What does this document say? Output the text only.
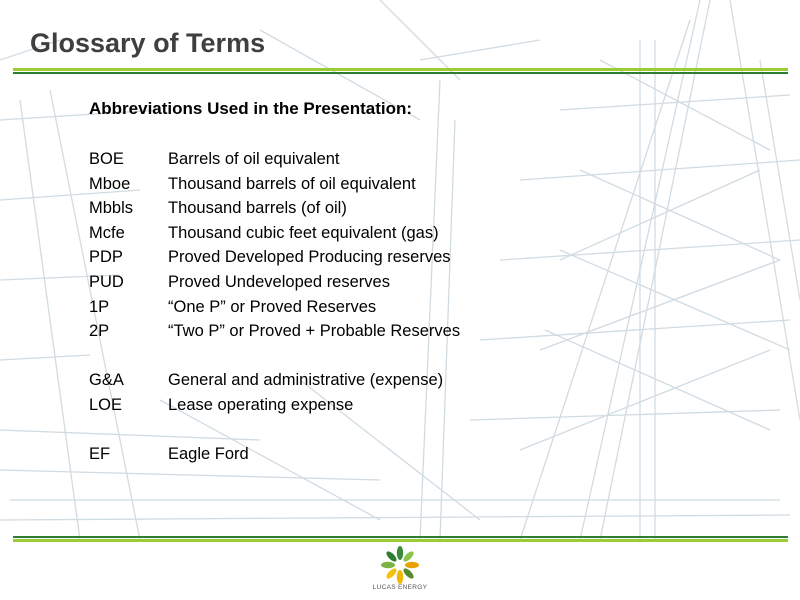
Glossary of Terms
Abbreviations Used in the Presentation:
BOE	Barrels of oil equivalent
Mboe Thousand barrels of oil equivalent
Mbbls Thousand barrels (of oil)
Mcfe	Thousand cubic feet equivalent (gas)
PDP	Proved Developed Producing reserves
PUD	Proved Undeveloped reserves
1P	“One P” or Proved Reserves
2P	“Two P” or Proved + Probable Reserves
G&A	General and administrative (expense)
LOE	Lease operating expense
EF	Eagle Ford
LUCAS ENERGY
